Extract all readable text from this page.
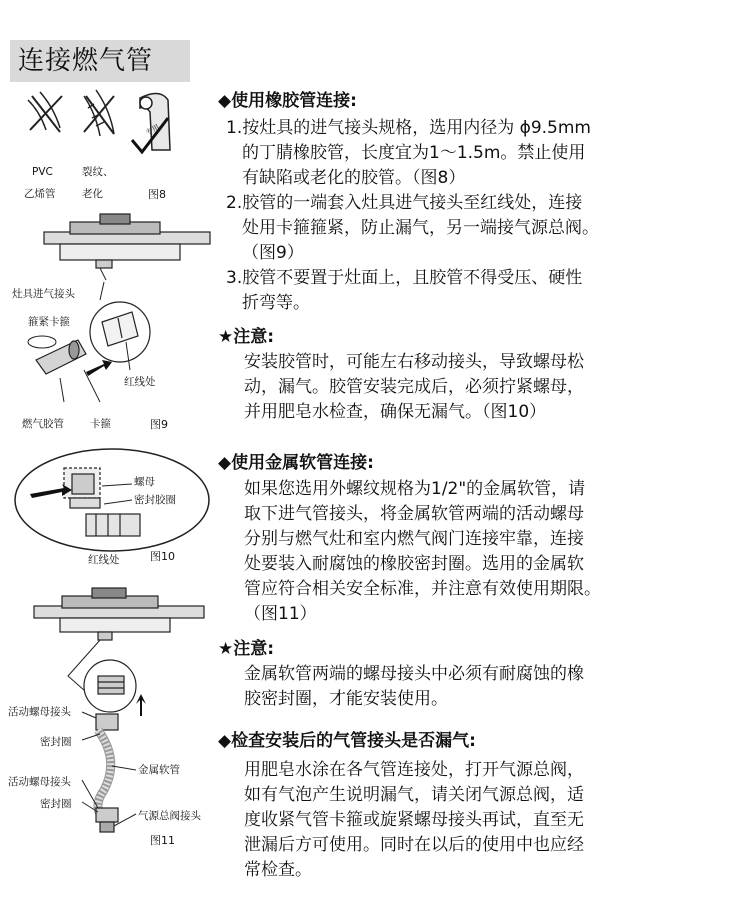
连接燃气管
PVC
乙烯管
裂纹、
老化
专用
图8
灶具进气接头
箍紧卡箍
红线处
燃气胶管 卡箍	图9
螺母
密封胶圈
红线处	图10
活动螺母接头
密封圈
金属软管
活动螺母接头
密封圈
气源总阀接头
图11
◆使用橡胶管连接:
1.按灶具的进气接头规格，选用内径为 ϕ9.5mm
的丁腈橡胶管，长度宜为1～1.5m。禁止使用
有缺陷或老化的胶管。（图8）
2.胶管的一端套入灶具进气接头至红线处，连接
处用卡箍箍紧，防止漏气，另一端接气源总阀。
（图9）
3.胶管不要置于灶面上，且胶管不得受压、硬性
折弯等。
★注意:
安装胶管时，可能左右移动接头，导致螺母松
动，漏气。胶管安装完成后，必须拧紧螺母，
并用肥皂水检查，确保无漏气。（图10）
◆使用金属软管连接:
如果您选用外螺纹规格为1/2"的金属软管，请
取下进气管接头，将金属软管两端的活动螺母
分别与燃气灶和室内燃气阀门连接牢靠，连接
处要装入耐腐蚀的橡胶密封圈。选用的金属软
管应符合相关安全标准，并注意有效使用期限。
（图11）
★注意:
金属软管两端的螺母接头中必须有耐腐蚀的橡
胶密封圈，才能安装使用。
◆检查安装后的气管接头是否漏气:
用肥皂水涂在各气管连接处，打开气源总阀，
如有气泡产生说明漏气，请关闭气源总阀，适
度收紧气管卡箍或旋紧螺母接头再试，直至无
泄漏后方可使用。同时在以后的使用中也应经
常检查。
